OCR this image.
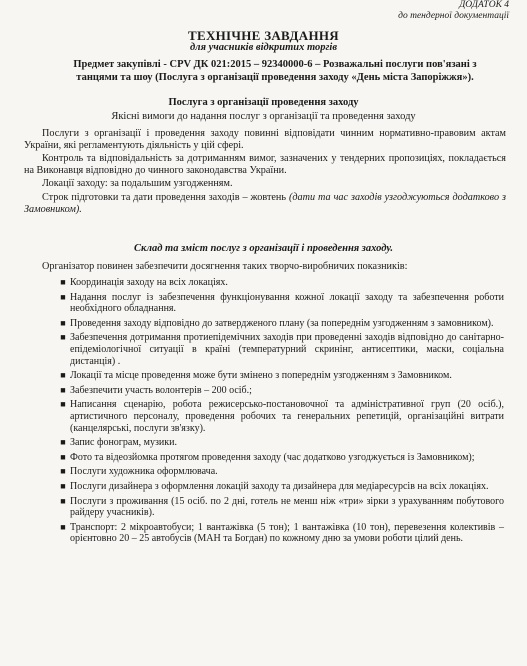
ДОДАТОК 4
до тендерної документації
ТЕХНІЧНЕ ЗАВДАННЯ
для учасників відкритих торгів
Предмет закупівлі - СPV ДК 021:2015 – 92340000-6 – Розважальні послуги пов'язані з танцями та шоу (Послуга з організації проведення заходу «День міста Запоріжжя»).
Послуга з організації проведення заходу
Якісні вимоги до надання послуг з організації та проведення заходу
Послуги з організації і проведення заходу повинні відповідати чинним нормативно-правовим актам України, які регламентують діяльність у цій сфері.
Контроль та відповідальність за дотриманням вимог, зазначених у тендерних пропозиціях, покладається на Виконавця відповідно до чинного законодавства України.
Локації заходу: за подальшим узгодженням.
Строк підготовки та дати проведення заходів – жовтень (дати та час заходів узгоджуються додатково з Замовником).
Склад та зміст послуг з організації і проведення заходу.
Організатор повинен забезпечити досягнення таких творчо-виробничих показників:
■	Координація заходу на всіх локаціях.
■	Надання послуг із забезпечення функціонування кожної локації заходу та забезпечення роботи необхідного обладнання.
■	Проведення заходу відповідно до затвердженого плану (за попереднім узгодженням з замовником).
■	Забезпечення дотримання протиепідемічних заходів при проведенні заходів відповідно до санітарно-епідеміологічної ситуації в країні (температурний скринінг, антисептики, маски, соціальна дистанція) .
■	Локації та місце проведення може бути змінено з попереднім узгодженням з Замовником.
■	Забезпечити участь волонтерів – 200 осіб.;
■	Написання сценарію, робота режисерсько-постановочної та адміністративної груп (20 осіб.), артистичного персоналу, проведення робочих та генеральних репетицій, організаційні витрати (канцелярські, послуги зв'язку).
■	Запис фонограм, музики.
■	Фото та відеозйомка протягом проведення заходу (час додатково узгоджується із Замовником);
■	Послуги художника оформлювача.
■	Послуги дизайнера з оформлення локацій заходу та дизайнера для медіаресурсів на всіх локаціях.
■	Послуги з проживання (15 осіб. по 2 дні, готель не менш ніж «три» зірки з урахуванням побутового райдеру учасників).
■	Транспорт: 2 мікроавтобуси; 1 вантажівка (5 тон); 1 вантажівка (10 тон), перевезення колективів – орієнтовно 20 – 25 автобусів (МАН та Богдан) по кожному дню за умови роботи цілий день.
